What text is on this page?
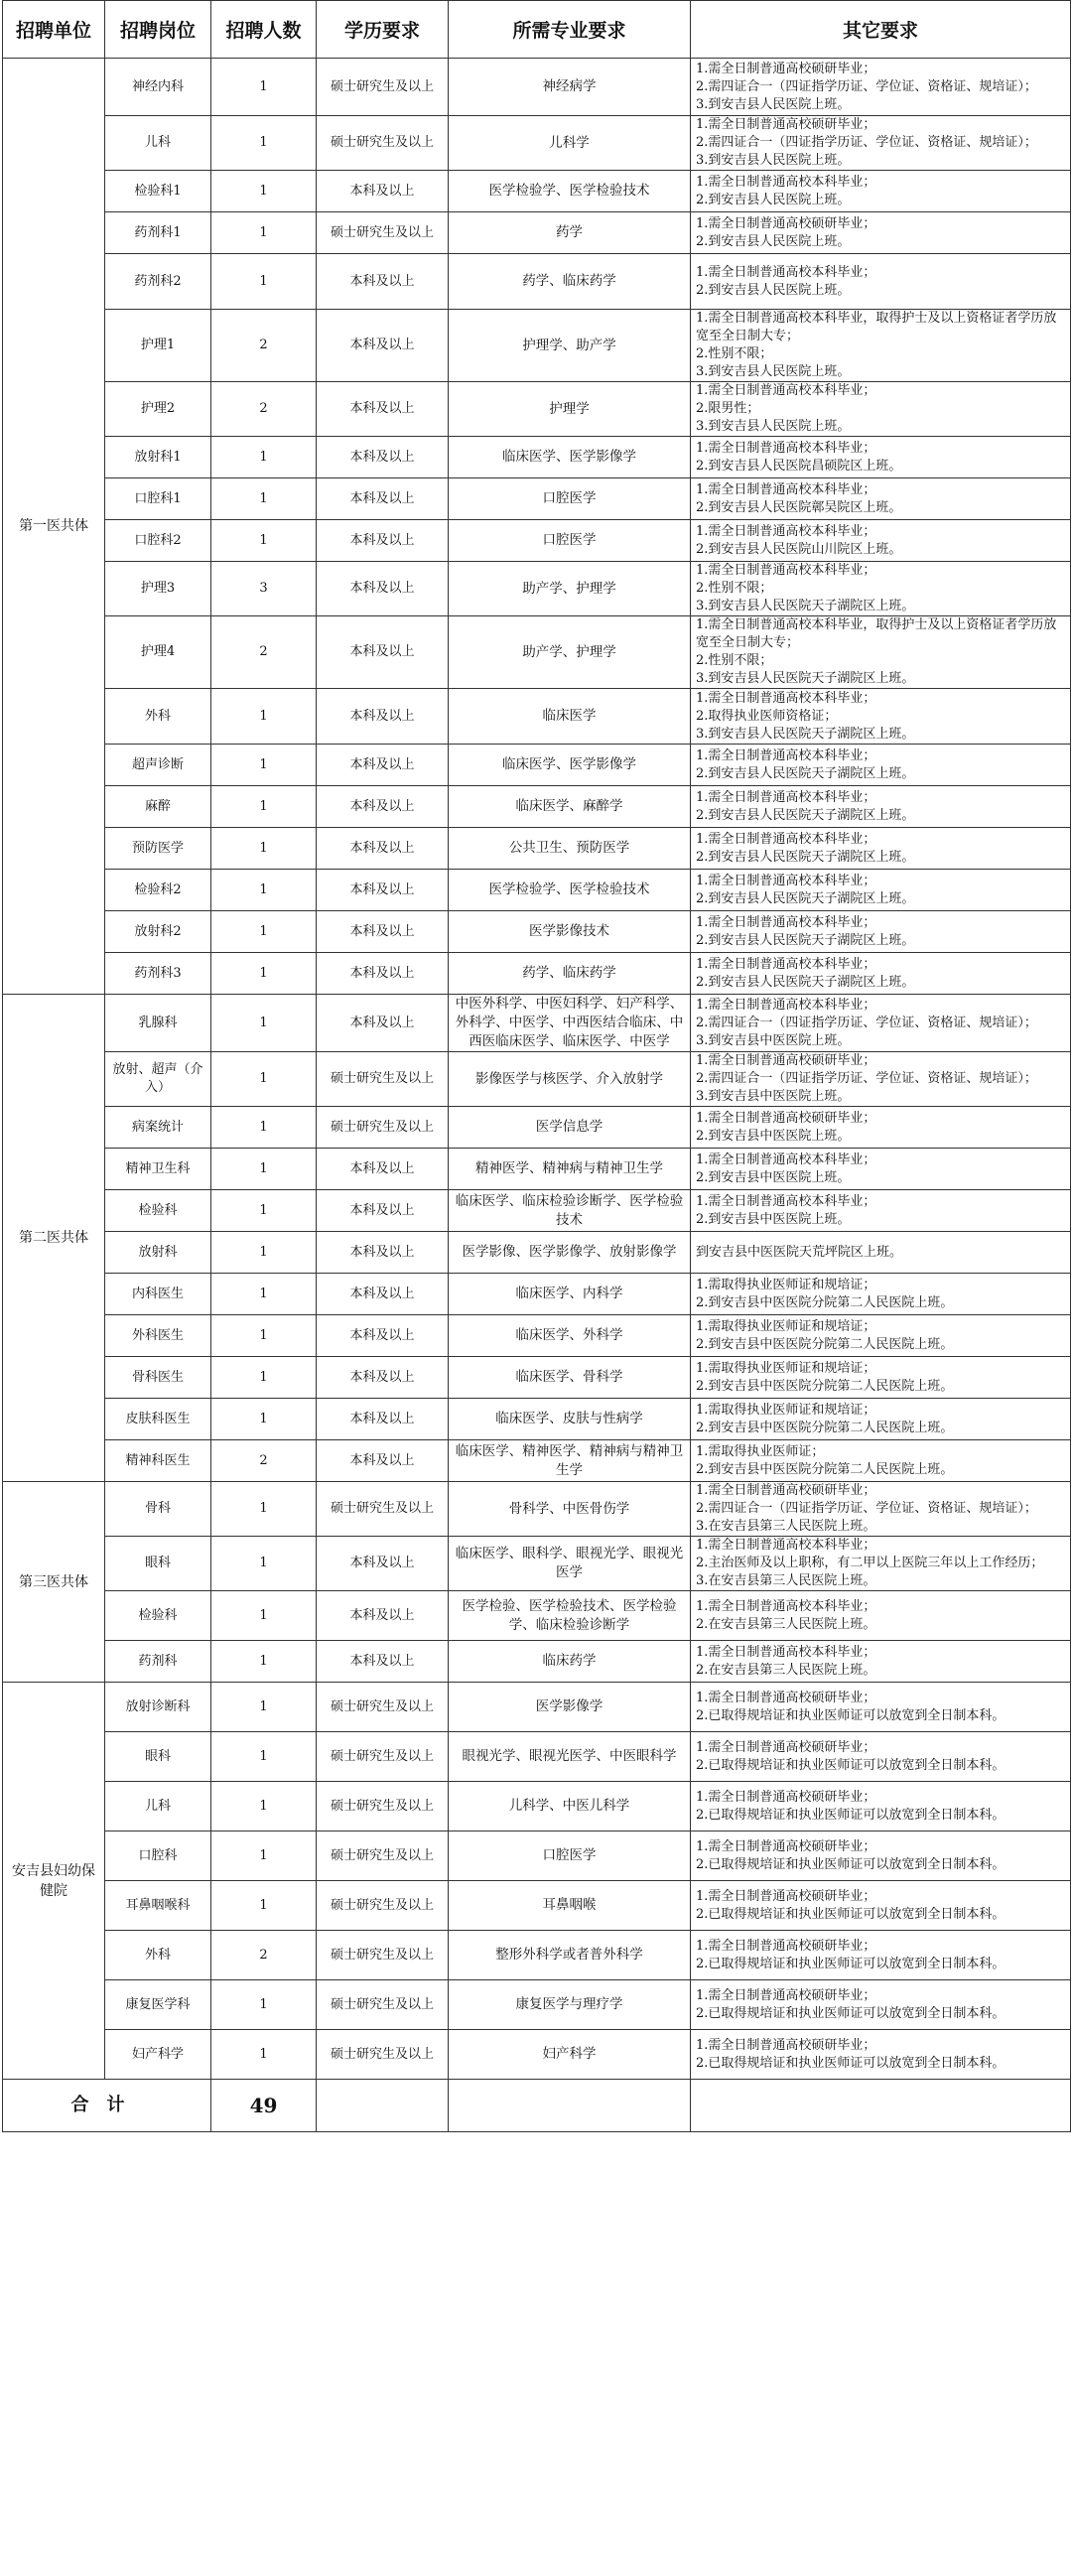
招聘单位	招聘岗位	招聘人数	学历要求	所需专业要求	其它要求
第一医共体	神经内科	1	硕士研究生及以上	神经病学	1.需全日制普通高校硕研毕业；
2.需四证合一（四证指学历证、学位证、资格证、规培证）；
3.到安吉县人民医院上班。

	儿科	1	硕士研究生及以上	儿科学	1.需全日制普通高校硕研毕业；
2.需四证合一（四证指学历证、学位证、资格证、规培证）；
3.到安吉县人民医院上班。

	检验科1	1	本科及以上	医学检验学、医学检验技术	1.需全日制普通高校本科毕业；
2.到安吉县人民医院上班。

	药剂科1	1	硕士研究生及以上	药学	1.需全日制普通高校硕研毕业；
2.到安吉县人民医院上班。

	药剂科2	1	本科及以上	药学、临床药学	1.需全日制普通高校本科毕业；
2.到安吉县人民医院上班。

	护理1	2	本科及以上	护理学、助产学	1.需全日制普通高校本科毕业，取得护士及以上资格证者学历放宽至全日制大专；
2.性别不限；
3.到安吉县人民医院上班。

	护理2	2	本科及以上	护理学	1.需全日制普通高校本科毕业；
2.限男性；
3.到安吉县人民医院上班。

	放射科1	1	本科及以上	临床医学、医学影像学	1.需全日制普通高校本科毕业；
2.到安吉县人民医院昌硕院区上班。

	口腔科1	1	本科及以上	口腔医学	1.需全日制普通高校本科毕业；
2.到安吉县人民医院鄣吴院区上班。

	口腔科2	1	本科及以上	口腔医学	1.需全日制普通高校本科毕业；
2.到安吉县人民医院山川院区上班。

	护理3	3	本科及以上	助产学、护理学	1.需全日制普通高校本科毕业；
2.性别不限；
3.到安吉县人民医院天子湖院区上班。

	护理4	2	本科及以上	助产学、护理学	1.需全日制普通高校本科毕业，取得护士及以上资格证者学历放宽至全日制大专；
2.性别不限；
3.到安吉县人民医院天子湖院区上班。

	外科	1	本科及以上	临床医学	1.需全日制普通高校本科毕业；
2.取得执业医师资格证；
3.到安吉县人民医院天子湖院区上班。

	超声诊断	1	本科及以上	临床医学、医学影像学	1.需全日制普通高校本科毕业；
2.到安吉县人民医院天子湖院区上班。

	麻醉	1	本科及以上	临床医学、麻醉学	1.需全日制普通高校本科毕业；
2.到安吉县人民医院天子湖院区上班。

	预防医学	1	本科及以上	公共卫生、预防医学	1.需全日制普通高校本科毕业；
2.到安吉县人民医院天子湖院区上班。

	检验科2	1	本科及以上	医学检验学、医学检验技术	1.需全日制普通高校本科毕业；
2.到安吉县人民医院天子湖院区上班。

	放射科2	1	本科及以上	医学影像技术	1.需全日制普通高校本科毕业；
2.到安吉县人民医院天子湖院区上班。

	药剂科3	1	本科及以上	药学、临床药学	1.需全日制普通高校本科毕业；
2.到安吉县人民医院天子湖院区上班。

第二医共体	乳腺科	1	本科及以上	中医外科学、中医妇科学、妇产科学、外科学、中医学、中西医结合临床、中西医临床医学、临床医学、中医学	1.需全日制普通高校本科毕业；
2.需四证合一（四证指学历证、学位证、资格证、规培证）；
3.到安吉县中医医院上班。

	放射、超声（介入）	1	硕士研究生及以上	影像医学与核医学、介入放射学	1.需全日制普通高校硕研毕业；
2.需四证合一（四证指学历证、学位证、资格证、规培证）；
3.到安吉县中医医院上班。

	病案统计	1	硕士研究生及以上	医学信息学	1.需全日制普通高校硕研毕业；
2.到安吉县中医医院上班。

	精神卫生科	1	本科及以上	精神医学、精神病与精神卫生学	1.需全日制普通高校本科毕业；
2.到安吉县中医医院上班。

	检验科	1	本科及以上	临床医学、临床检验诊断学、医学检验技术	1.需全日制普通高校本科毕业；
2.到安吉县中医医院上班。

	放射科	1	本科及以上	医学影像、医学影像学、放射影像学	到安吉县中医医院天荒坪院区上班。

	内科医生	1	本科及以上	临床医学、内科学	1.需取得执业医师证和规培证；
2.到安吉县中医医院分院第二人民医院上班。

	外科医生	1	本科及以上	临床医学、外科学	1.需取得执业医师证和规培证；
2.到安吉县中医医院分院第二人民医院上班。

	骨科医生	1	本科及以上	临床医学、骨科学	1.需取得执业医师证和规培证；
2.到安吉县中医医院分院第二人民医院上班。

	皮肤科医生	1	本科及以上	临床医学、皮肤与性病学	1.需取得执业医师证和规培证；
2.到安吉县中医医院分院第二人民医院上班。

	精神科医生	2	本科及以上	临床医学、精神医学、精神病与精神卫生学	1.需取得执业医师证；
2.到安吉县中医医院分院第二人民医院上班。

第三医共体	骨科	1	硕士研究生及以上	骨科学、中医骨伤学	1.需全日制普通高校硕研毕业；
2.需四证合一（四证指学历证、学位证、资格证、规培证）；
3.在安吉县第三人民医院上班。

	眼科	1	本科及以上	临床医学、眼科学、眼视光学、眼视光医学	1.需全日制普通高校本科毕业；
2.主治医师及以上职称，有二甲以上医院三年以上工作经历；
3.在安吉县第三人民医院上班。

	检验科	1	本科及以上	医学检验、医学检验技术、医学检验学、临床检验诊断学	1.需全日制普通高校本科毕业；
2.在安吉县第三人民医院上班。

	药剂科	1	本科及以上	临床药学	1.需全日制普通高校本科毕业；
2.在安吉县第三人民医院上班。

安吉县妇幼保健院	放射诊断科	1	硕士研究生及以上	医学影像学	1.需全日制普通高校硕研毕业；
2.已取得规培证和执业医师证可以放宽到全日制本科。

	眼科	1	硕士研究生及以上	眼视光学、眼视光医学、中医眼科学	1.需全日制普通高校硕研毕业；
2.已取得规培证和执业医师证可以放宽到全日制本科。

	儿科	1	硕士研究生及以上	儿科学、中医儿科学	1.需全日制普通高校硕研毕业；
2.已取得规培证和执业医师证可以放宽到全日制本科。

	口腔科	1	硕士研究生及以上	口腔医学	1.需全日制普通高校硕研毕业；
2.已取得规培证和执业医师证可以放宽到全日制本科。

	耳鼻咽喉科	1	硕士研究生及以上	耳鼻咽喉	1.需全日制普通高校硕研毕业；
2.已取得规培证和执业医师证可以放宽到全日制本科。

	外科	2	硕士研究生及以上	整形外科学或者普外科学	1.需全日制普通高校硕研毕业；
2.已取得规培证和执业医师证可以放宽到全日制本科。

	康复医学科	1	硕士研究生及以上	康复医学与理疗学	1.需全日制普通高校硕研毕业；
2.已取得规培证和执业医师证可以放宽到全日制本科。

	妇产科学	1	硕士研究生及以上	妇产科学	1.需全日制普通高校硕研毕业；
2.已取得规培证和执业医师证可以放宽到全日制本科。

合计		49			
